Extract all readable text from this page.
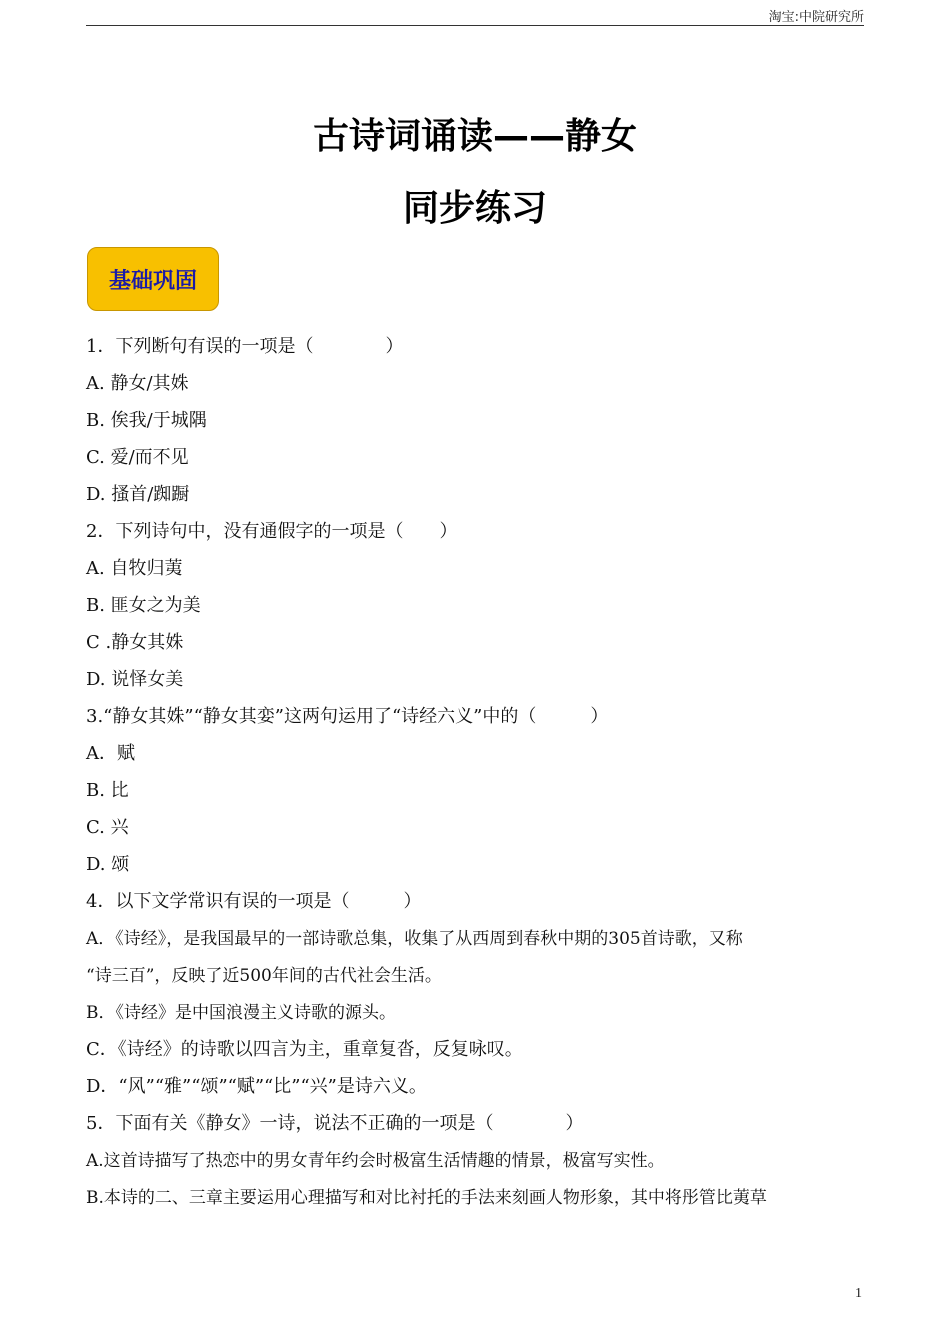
淘宝:中院研究所
古诗词诵读——静女
同步练习
基础巩固
1．下列断句有误的一项是（　　　　）
A. 静女/其姝
B. 俟我/于城隅
C. 爱/而不见
D. 搔首/踟蹰
2．下列诗句中，没有通假字的一项是（　　）
A. 自牧归荑
B. 匪女之为美
C .静女其姝
D. 说怿女美
3.“静女其姝”“静女其娈”这两句运用了“诗经六义”中的（　　　）
A．赋
B. 比
C. 兴
D. 颂
4．以下文学常识有误的一项是（　　　）
A．《诗经》，是我国最早的一部诗歌总集，收集了从西周到春秋中期的305首诗歌，又称
“诗三百”，反映了近500年间的古代社会生活。
B．《诗经》是中国浪漫主义诗歌的源头。
C．《诗经》的诗歌以四言为主，重章复沓，反复咏叹。
D．“风”“雅”“颂”“赋”“比”“兴”是诗六义。
5．下面有关《静女》一诗，说法不正确的一项是（　　　　）
A.这首诗描写了热恋中的男女青年约会时极富生活情趣的情景，极富写实性。
B.本诗的二、三章主要运用心理描写和对比衬托的手法来刻画人物形象，其中将彤管比荑草
1
